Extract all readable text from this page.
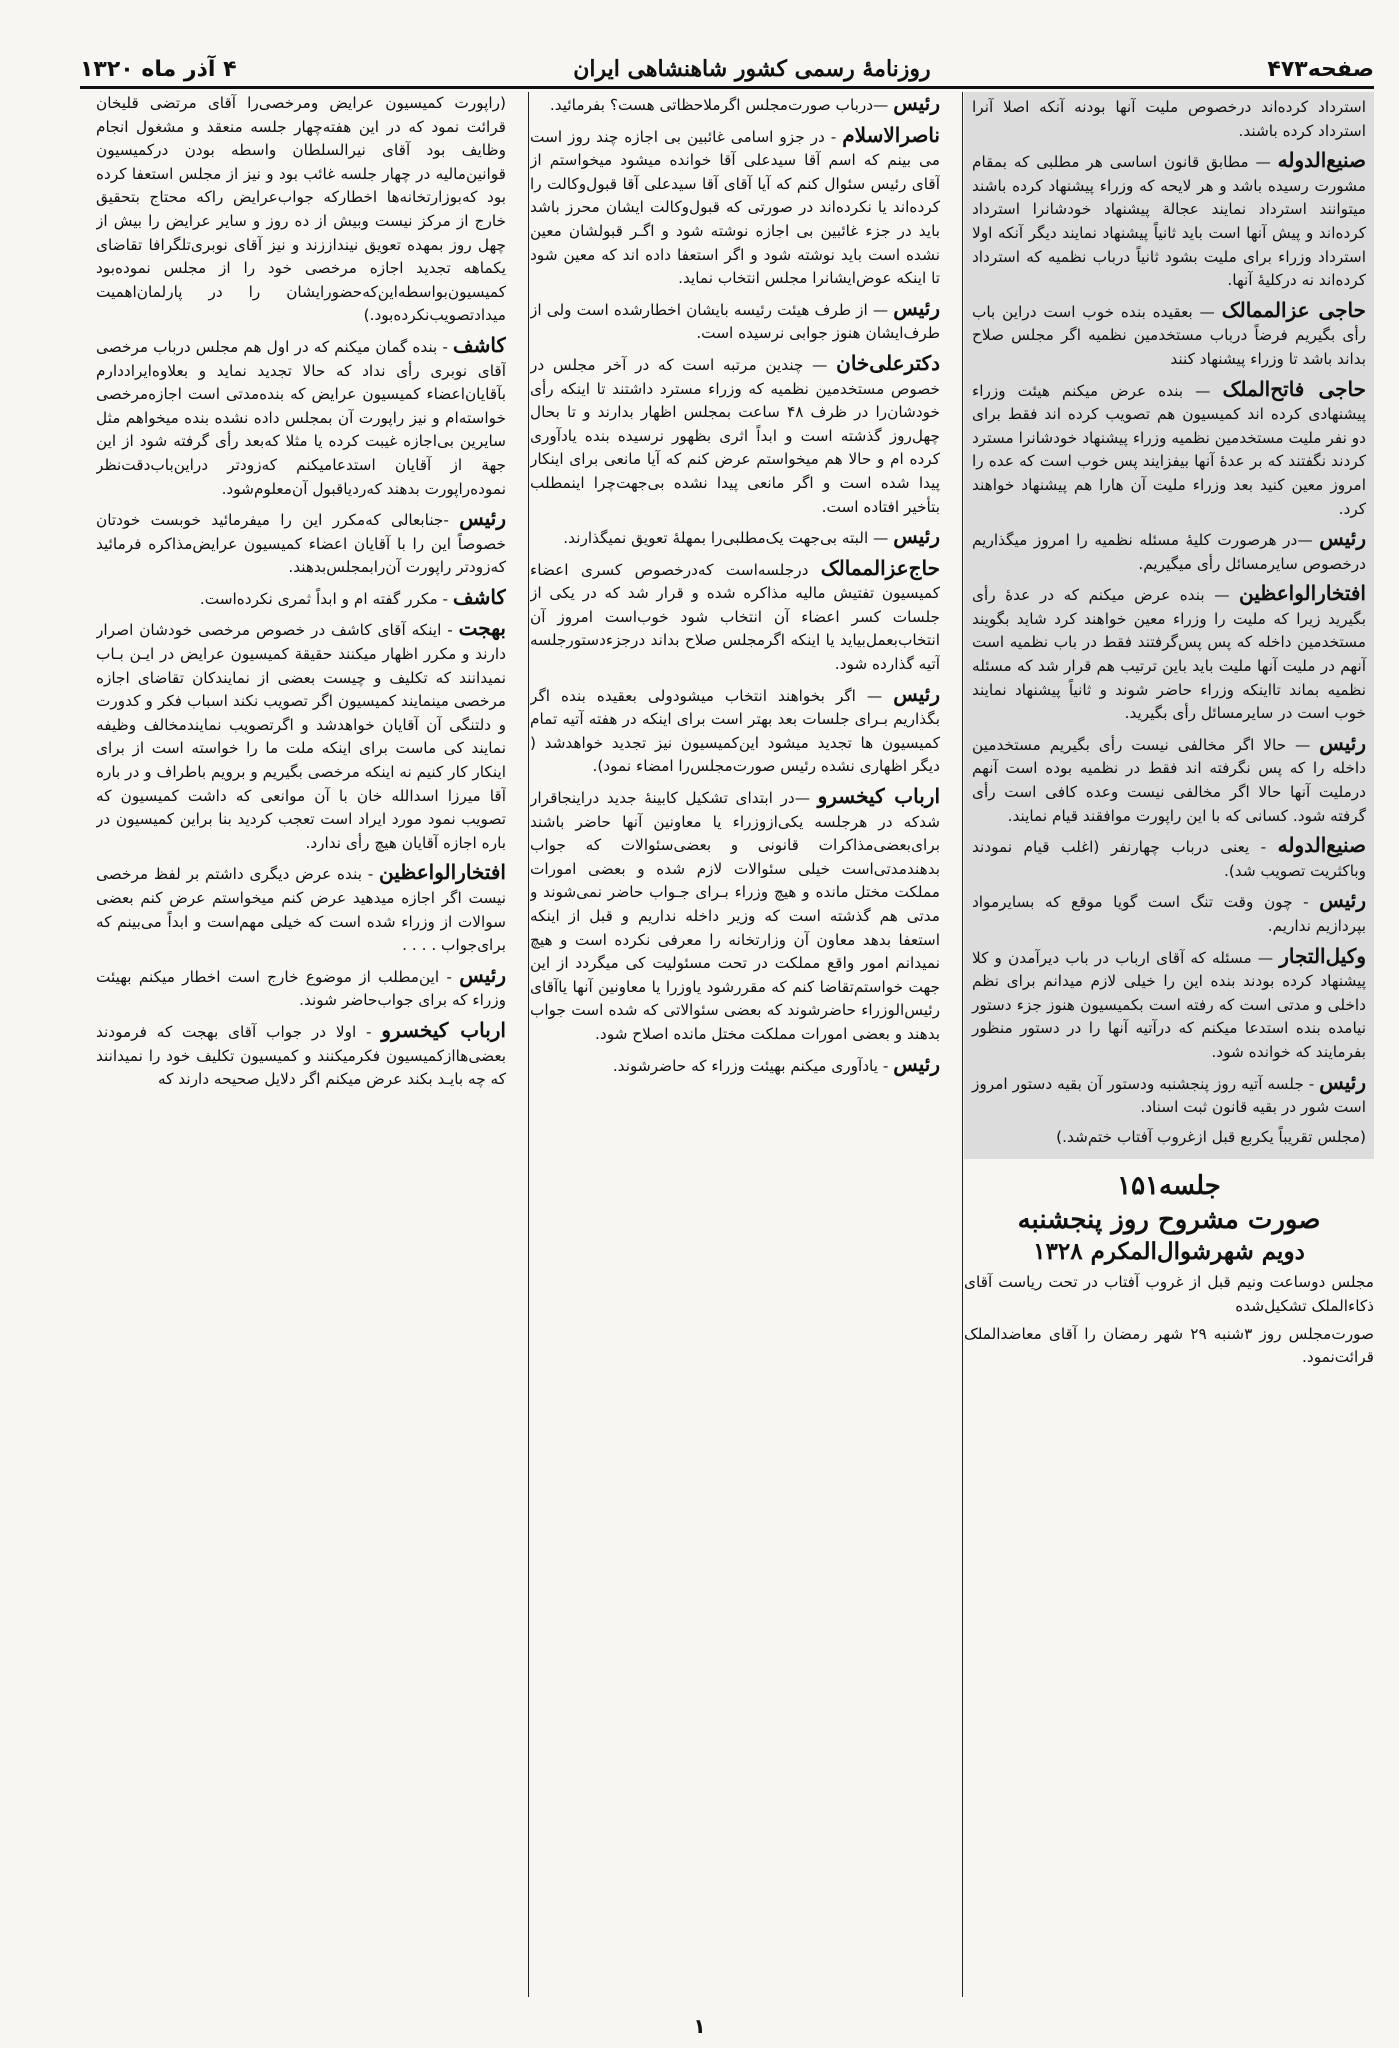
صفحه۴۷۳
روزنامهٔ رسمی کشور شاهنشاهی ایران
۴ آذر ماه ۱۳۲۰
استرداد کرده‌اند درخصوص ملیت آنها بودنه آنکه اصلا آنرا استرداد کرده باشند.
صنیع‌الدوله — مطابق قانون اساسی هر مطلبی که بمقام مشورت رسیده باشد و هر لایحه که وزراء پیشنهاد کرده باشند میتوانند استرداد نمایند عجالة پیشنهاد خودشانرا استرداد کرده‌اند و پیش آنها است باید ثانیاً پیشنهاد نمایند دیگر آنکه اولا استرداد وزراء برای ملیت بشود ثانیاً درباب نظمیه که استرداد کرده‌اند نه درکلیهٔ آنها.
حاجی عزالممالک — بعقیده بنده خوب است دراین باب رأی بگیریم فرضاً درباب مستخدمین نظمیه اگر مجلس صلاح بداند باشد تا وزراء پیشنهاد کنند
حاجی فاتح‌الملک — بنده عرض میکنم هیئت وزراء پیشنهادی کرده اند کمیسیون هم تصویب کرده اند فقط برای دو نفر ملیت مستخدمین نظمیه وزراء پیشنهاد خودشانرا مسترد کردند نگفتند که بر عدهٔ آنها بیفزایند پس خوب است که عده را امروز معین کنید بعد وزراء ملیت آن هارا هم پیشنهاد خواهند کرد.
رئیس —در هرصورت کلیهٔ مسئله نظمیه را امروز میگذاریم درخصوص سایرمسائل رأی میگیریم.
افتخارالواعظین — بنده عرض میکنم که در عدهٔ رأی بگیرید زیرا که ملیت را وزراء معین خواهند کرد شاید بگویند مستخدمین داخله که پس پس‌گرفتند فقط در باب نظمیه است آنهم در ملیت آنها ملیت باید باین ترتیب هم قرار شد که مسئله نظمیه بماند تااینکه وزراء حاضر شوند و ثانیاً پیشنهاد نمایند خوب است در سایرمسائل رأی بگیرید.
رئیس — حالا اگر مخالفی نیست رأی بگیریم مستخدمین داخله را که پس نگرفته اند فقط در نظمیه بوده است آنهم درملیت آنها حالا اگر مخالفی نیست وعده کافی است رأی گرفته شود. کسانی که با این راپورت موافقند قیام نمایند.
صنیع‌الدوله - یعنی درباب چهارنفر (اغلب قیام نمودند وباکثریت تصویب شد).
رئیس - چون وقت تنگ است گویا موقع که بسایرمواد بپردازیم نداریم.
وکیل‌التجار — مسئله که آقای ارباب در باب دیرآمدن و کلا پیشنهاد کرده بودند بنده این را خیلی لازم میدانم برای نظم داخلی و مدتی است که رفته است بکمیسیون هنوز جزء دستور نیامده بنده استدعا میکنم که درآتیه آنها را در دستور منظور بفرمایند که خوانده شود.
رئیس - جلسه آتیه روز پنجشنبه ودستور آن بقیه دستور امروز است شور در بقیه قانون ثبت اسناد.
(مجلس تقریباً یکربع قبل ازغروب آفتاب ختم‌شد.)
جلسه۱۵۱
صورت مشروح روز پنجشنبه
دویم شهرشوال‌المکرم ۱۳۲۸
مجلس دوساعت ونیم قبل از غروب آفتاب در تحت ریاست آقای ذکاءالملک تشکیل‌شده
صورت‌مجلس روز ۳شنبه ۲۹ شهر رمضان را آقای معاضدالملک قرائت‌نمود.
رئیس —درباب صورت‌مجلس اگرملاحظاتی هست؟ بفرمائید.
ناصرالاسلام - در جزو اسامی غائبین بی اجازه چند روز است می بینم که اسم آقا سیدعلی آقا خوانده میشود میخواستم از آقای رئیس سئوال کنم که آیا آقای آقا سیدعلی آقا قبول‌وکالت را کرده‌اند یا نکرده‌اند در صورتی که قبول‌وکالت ایشان محرز باشد باید در جزء غائبین بی اجازه نوشته شود و اگـر قبولشان معین نشده است باید نوشته شود و اگر استعفا داده اند که معین شود تا اینکه عوض‌ایشانرا مجلس انتخاب نماید.
رئیس — از طرف هیئت رئیسه بایشان اخطارشده است ولی از طرف‌ایشان هنوز جوابی نرسیده است.
دکترعلی‌خان — چندین مرتبه است که در آخر مجلس در خصوص مستخدمین نظمیه که وزراء مسترد داشتند تا اینکه رأی خودشان‌را در ظرف ۴۸ ساعت بمجلس اظهار بدارند و تا بحال چهل‌روز گذشته است و ابداً اثری بظهور نرسیده بنده یادآوری کرده ام و حالا هم میخواستم عرض کنم که آیا مانعی برای اینکار پیدا شده است و اگر مانعی پیدا نشده بی‌جهت‌چرا اینمطلب بتأخیر افتاده است.
رئیس — البته بی‌جهت یک‌مطلبی‌را بمهلهٔ تعویق نمیگذارند.
حاج‌عزالممالک درجلسه‌است که‌درخصوص کسری اعضاء کمیسیون تفتیش مالیه مذاکره شده و قرار شد که در یکی از جلسات کسر اعضاء آن انتخاب شود خوب‌است امروز آن انتخاب‌بعمل‌بیاید یا اینکه اگرمجلس صلاح بداند درجزءدستورجلسه آتیه گذارده شود.
رئیس — اگر بخواهند انتخاب میشودولی بعقیده بنده اگر بگذاریم بـرای جلسات بعد بهتر است برای اینکه در هفته آتیه تمام کمیسیون ها تجدید میشود این‌کمیسیون نیز تجدید خواهدشد ( دیگر اظهاری نشده رئیس صورت‌مجلس‌را امضاء نمود).
ارباب کیخسرو —در ابتدای تشکیل کابینهٔ جدید دراینجاقرار شدکه در هرجلسه یکی‌ازوزراء یا معاونین آنها حاضر باشند برای‌بعضی‌مذاکرات قانونی و بعضی‌سئوالات که جواب بدهند‌مدتی‌است خیلی سئوالات لازم شده و بعضی امورات مملکت مختل مانده و هیچ وزراء بـرای جـواب حاضر نمی‌شوند و مدتی هم گذشته است که وزیر داخله نداریم و قبل از اینکه استعفا بدهد معاون آن وزارتخانه را معرفی نکرده است و هیچ نمیدانم امور واقع مملکت در تحت مسئولیت کی میگردد از این جهت خواستم‌تقاضا کنم که مقررشود یاوزرا یا معاونین آنها یاآقای رئیس‌الوزراء حاضرشوند که بعضی سئوالاتی که شده است جواب بدهند و بعضی امورات مملکت مختل مانده اصلاح شود.
رئیس - یادآوری میکنم بهیئت وزراء که حاضرشوند.
(راپورت کمیسیون عرایض ومرخصی‌را آقای مرتضی قلیخان قرائت نمود که در این هفته‌چهار جلسه منعقد و مشغول انجام وظایف بود آقای نیرالسلطان واسطه بودن در‌کمیسیون قوانین‌مالیه در چهار جلسه غائب بود و نیز از مجلس استعفا کرده بود که‌بوزارتخانه‌ها اخطارکه جواب‌عرایض راکه محتاج بتحقیق خارج از مرکز نیست وبیش از ده روز و سایر عرایض را بیش از چهل روز بمهده تعویق نینداززند و نیز آقای نوبری‌تلگرافا تقاضای یکماهه تجدید اجازه مرخصی خود را از مجلس نموده‌بود کمیسیون‌بواسطه‌این‌که‌حضورایشان را در پارلمان‌اهمیت میداد‌تصویب‌نکرده‌بود.)
کاشف - بنده گمان میکنم که در اول هم مجلس درباب مرخصی آقای نوبری رأی نداد که حالا تجدید نماید و بعلاوه‌ایراددارم بآقایان‌اعضاء کمیسیون عرایض که بنده‌مدتی است اجازه‌مرخصی خواسته‌ام و نیز راپورت آن بمجلس داده نشده بنده میخواهم مثل سایرین بی‌اجازه غیبت کرده یا مثلا که‌بعد رأی گرفته شود از این جهة از آقایان استدعامیکنم که‌زودتر دراین‌باب‌دقت‌نظر نموده‌راپورت بدهند که‌ردیاقبول آن‌معلوم‌شود.
رئیس -جنابعالی که‌مکرر این را میفرمائید خوبست خودتان خصوصاً این را با آقایان اعضاء کمیسیون عرایض‌مذاکره فرمائید که‌زودتر راپورت آن‌رابمجلس‌بدهند.
کاشف - مکرر گفته ام و ابداً ثمری نکرده‌است.
بهجت - اینکه آقای کاشف در خصوص مرخصی خودشان اصرار دارند و مکرر اظهار میکنند حقیقة کمیسیون عرایض در ایـن بـاب نمیدانند که تکلیف و چیست بعضی از نمایندکان تقاضای اجازه مرخصی مینمایند کمیسیون اگر تصویب نکند اسباب فکر و کدورت و دلتنگی آن آقایان خواهدشد و اگرتصویب نمایندمخالف وظیفه نمایند کی ماست برای اینکه ملت ما را خواسته است از برای اینکار کار کنیم نه اینکه مرخصی بگیریم و برویم باطراف و در باره آقا میرزا اسدالله خان با آن موانعی که داشت کمیسیون که تصویب نمود مورد ایراد است تعجب کردید بنا براین کمیسیون در باره اجازه آقایان هیچ رأی ندارد.
افتخارالواعظین - بنده عرض دیگری داشتم بر لفظ مرخصی نیست اگر اجازه میدهید عرض کنم میخواستم عرض کنم بعضی سوالات از وزراء شده است که خیلی مهم‌است و ابداً می‌بینم که برای‌جواب . . . .
رئیس - این‌مطلب از موضوع خارج است اخطار میکنم بهیئت وزراء که برای جواب‌حاضر شوند.
ارباب کیخسرو - اولا در جواب آقای بهجت که فرمودند بعضی‌هاازکمیسیون فکرمیکنند و کمیسیون تکلیف خود را نمیدانند که چه بایـد بکند عرض میکنم اگر دلایل صحیحه دارند که
۱
